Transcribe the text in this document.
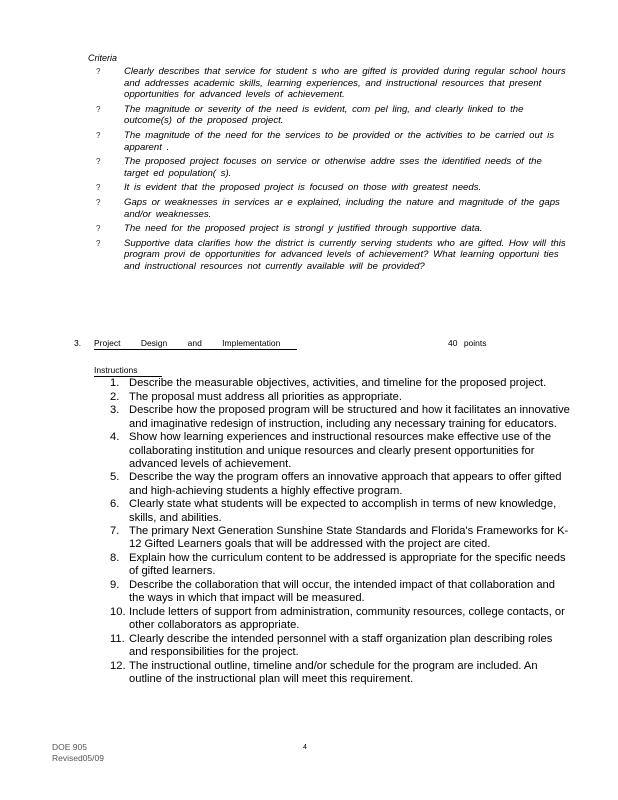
Criteria
? Clearly describes that service for student s who are gifted is provided during regular school hours and addresses academic skills, learning experiences, and instructional resources that present opportunities for advanced levels of achievement.
? The magnitude or severity of the need is evident, com pel ling, and clearly linked to the outcome(s) of the proposed project.
? The magnitude of the need for the services to be provided or the activities to be carried out is apparent .
? The proposed project focuses on service or otherwise addre sses the identified needs of the target ed population( s).
? It is evident that the proposed project is focused on those with greatest needs.
? Gaps or weaknesses in services ar e explained, including the nature and magnitude of the gaps and/or weaknesses.
? The need for the proposed project is strongl y justified through supportive data.
? Supportive data clarifies how the district is currently serving students who are gifted. How will this program provi de opportunities for advanced levels of achievement? What learning opportuni ties and instructional resources not currently available will be provided?
3. Project Design and Implementation	40 points
Instructions
1. Describe the measurable objectives, activities, and timeline for the proposed project.
2. The proposal must address all priorities as appropriate.
3. Describe how the proposed program will be structured and how it facilitates an innovative and imaginative redesign of instruction, including any necessary training for educators.
4. Show how learning experiences and instructional resources make effective use of the collaborating institution and unique resources and clearly present opportunities for advanced levels of achievement.
5. Describe the way the program offers an innovative approach that appears to offer gifted and high-achieving students a highly effective program.
6. Clearly state what students will be expected to accomplish in terms of new knowledge, skills, and abilities.
7. The primary Next Generation Sunshine State Standards and Florida's Frameworks for K-12 Gifted Learners goals that will be addressed with the project are cited.
8. Explain how the curriculum content to be addressed is appropriate for the specific needs of gifted learners.
9. Describe the collaboration that will occur, the intended impact of that collaboration and the ways in which that impact will be measured.
10. Include letters of support from administration, community resources, college contacts, or other collaborators as appropriate.
11. Clearly describe the intended personnel with a staff organization plan describing roles and responsibilities for the project.
12. The instructional outline, timeline and/or schedule for the program are included. An outline of the instructional plan will meet this requirement.
DOE 905
Revised05/09
4
